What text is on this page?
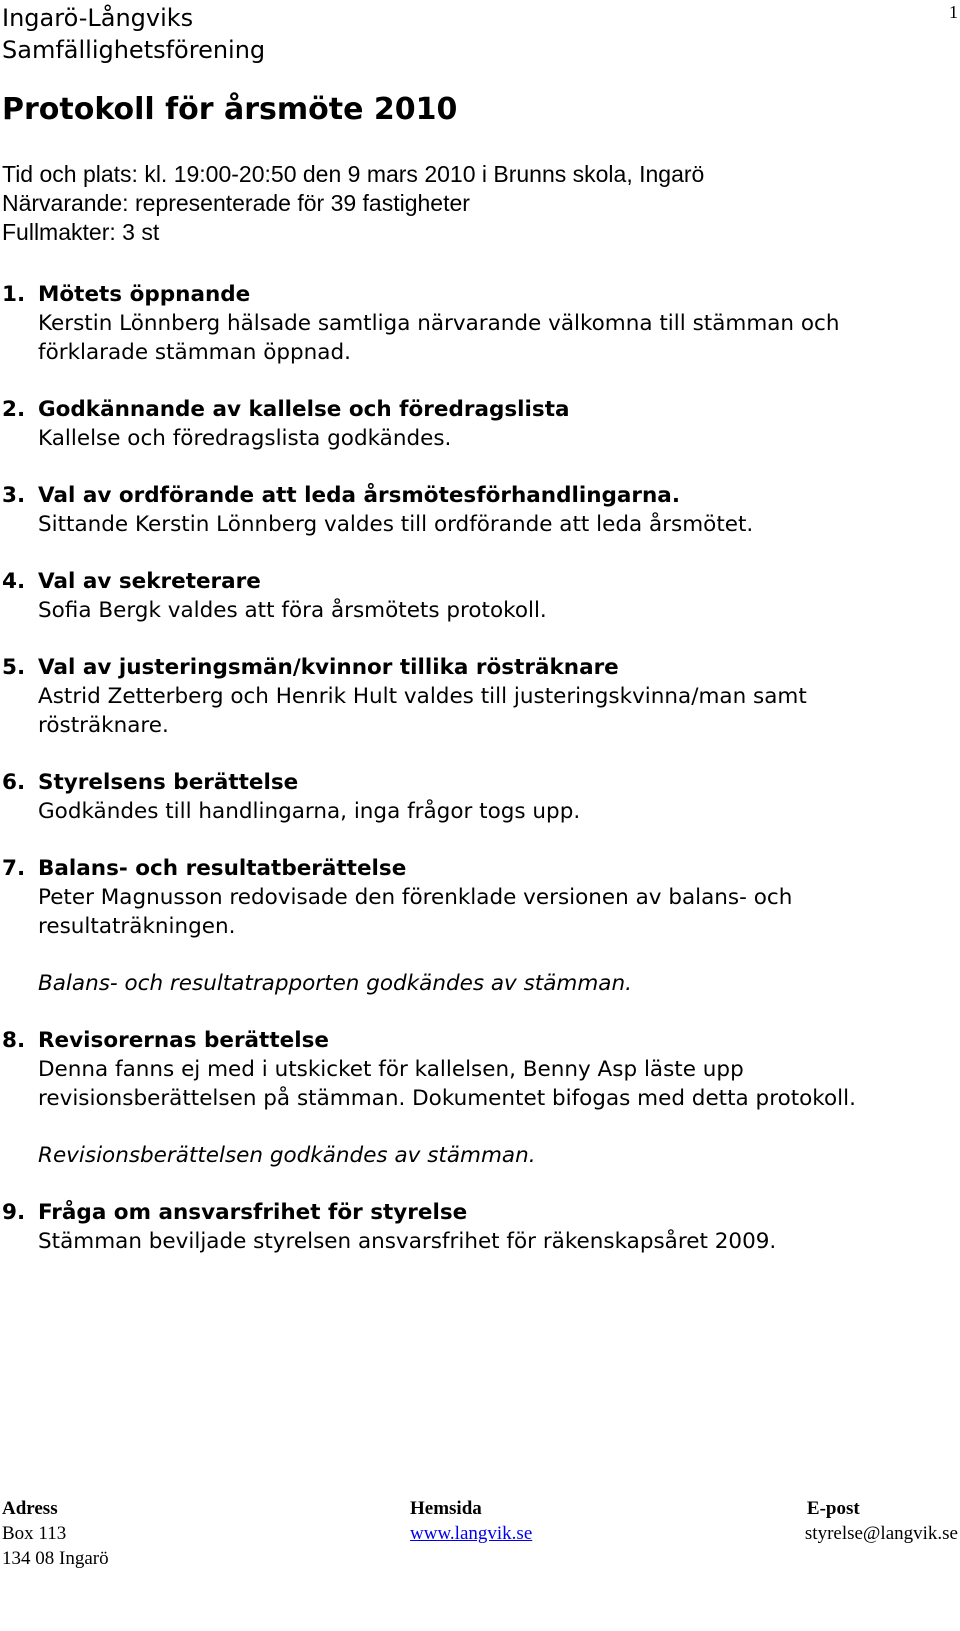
1
Ingarö-Långviks
Samfällighetsförening
Protokoll för årsmöte 2010
Tid och plats: kl. 19:00-20:50 den 9 mars 2010 i Brunns skola, Ingarö
Närvarande: representerade för 39 fastigheter
Fullmakter: 3 st
1. Mötets öppnande

Kerstin Lönnberg hälsade samtliga närvarande välkomna till stämman och förklarade stämman öppnad.

2. Godkännande av kallelse och föredragslista

Kallelse och föredragslista godkändes.

3. Val av ordförande att leda årsmötesförhandlingarna.

Sittande Kerstin Lönnberg valdes till ordförande att leda årsmötet.

4. Val av sekreterare

Sofia Bergk valdes att föra årsmötets protokoll.

5. Val av justeringsmän/kvinnor tillika rösträknare

Astrid Zetterberg och Henrik Hult valdes till justeringskvinna/man samt rösträknare.

6. Styrelsens berättelse

Godkändes till handlingarna, inga frågor togs upp.

7. Balans- och resultatberättelse

Peter Magnusson redovisade den förenklade versionen av balans- och resultaträkningen.

Balans- och resultatrapporten godkändes av stämman.

8. Revisorernas berättelse

Denna fanns ej med i utskicket för kallelsen, Benny Asp läste upp revisionsberättelsen på stämman. Dokumentet bifogas med detta protokoll.

Revisionsberättelsen godkändes av stämman.

9. Fråga om ansvarsfrihet för styrelse

Stämman beviljade styrelsen ansvarsfrihet för räkenskapsåret 2009.

Adress
Box 113
134 08 Ingarö
Hemsida
www.langvik.se
E-post
styrelse@langvik.se
